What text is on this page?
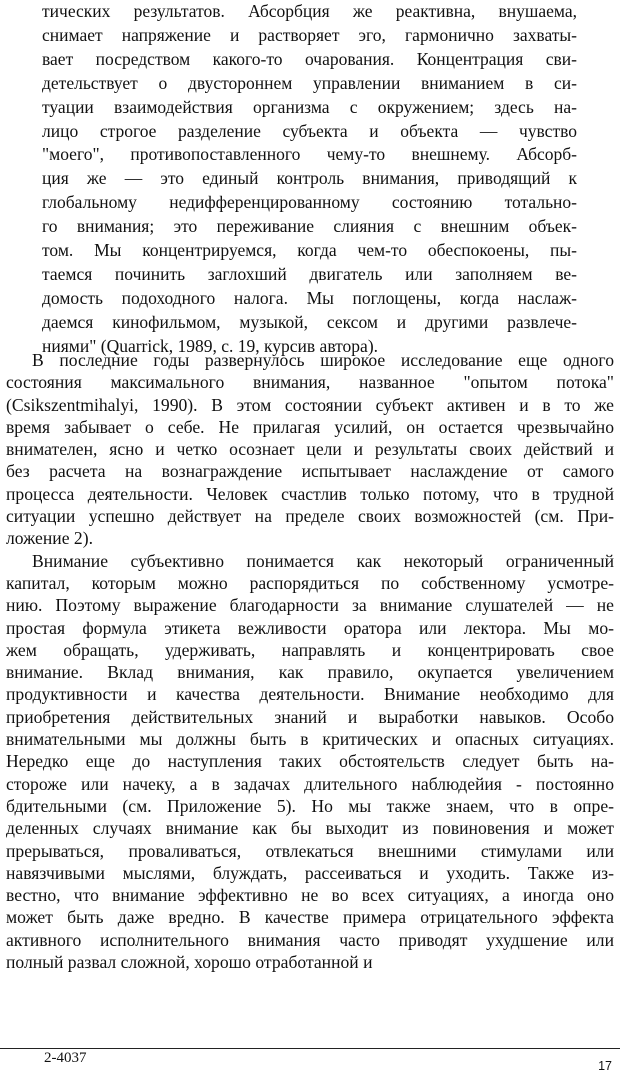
тических результатов. Абсорбция же реактивна, внушаема,
снимает напряжение и растворяет эго, гармонично захваты-
вает посредством какого-то очарования. Концентрация сви-
детельствует о двустороннем управлении вниманием в си-
туации взаимодействия организма с окружением; здесь на-
лицо строгое разделение субъекта и объекта — чувство
"моего", противопоставленного чему-то внешнему. Абсорб-
ция же — это единый контроль внимания, приводящий к
глобальному недифференцированному состоянию тотально-
го внимания; это переживание слияния с внешним объек-
том. Мы концентрируемся, когда чем-то обеспокоены, пы-
таемся починить заглохший двигатель или заполняем ве-
домость подоходного налога. Мы поглощены, когда наслаж-
даемся кинофильмом, музыкой, сексом и другими развлече-
ниями" (Quarrick, 1989, с. 19, курсив автора).
В последние годы развернулось широкое исследование еще одного
состояния максимального внимания, названное "опытом потока"
(Csikszentmihalyi, 1990). В этом состоянии субъект активен и в то же
время забывает о себе. Не прилагая усилий, он остается чрезвычайно
внимателен, ясно и четко осознает цели и результаты своих действий и
без расчета на вознаграждение испытывает наслаждение от самого
процесса деятельности. Человек счастлив только потому, что в трудной
ситуации успешно действует на пределе своих возможностей (см. При-
ложение 2).
Внимание субъективно понимается как некоторый ограниченный
капитал, которым можно распорядиться по собственному усмотре-
нию. Поэтому выражение благодарности за внимание слушателей — не
простая формула этикета вежливости оратора или лектора. Мы мо-
жем обращать, удерживать, направлять и концентрировать свое
внимание. Вклад внимания, как правило, окупается увеличением
продуктивности и качества деятельности. Внимание необходимо для
приобретения действительных знаний и выработки навыков. Особо
внимательными мы должны быть в критических и опасных ситуациях.
Нередко еще до наступления таких обстоятельств следует быть на-
стороже или начеку, а в задачах длительного наблюдейия - постоянно
бдительными (см. Приложение 5). Но мы также знаем, что в опре-
деленных случаях внимание как бы выходит из повиновения и может
прерываться, проваливаться, отвлекаться внешними стимулами или
навязчивыми мыслями, блуждать, рассеиваться и уходить. Также из-
вестно, что внимание эффективно не во всех ситуациях, а иногда оно
может быть даже вредно. В качестве примера отрицательного эффекта
активного исполнительного внимания часто приводят ухудшение или
полный развал сложной, хорошо отработанной и
2-4037	17
